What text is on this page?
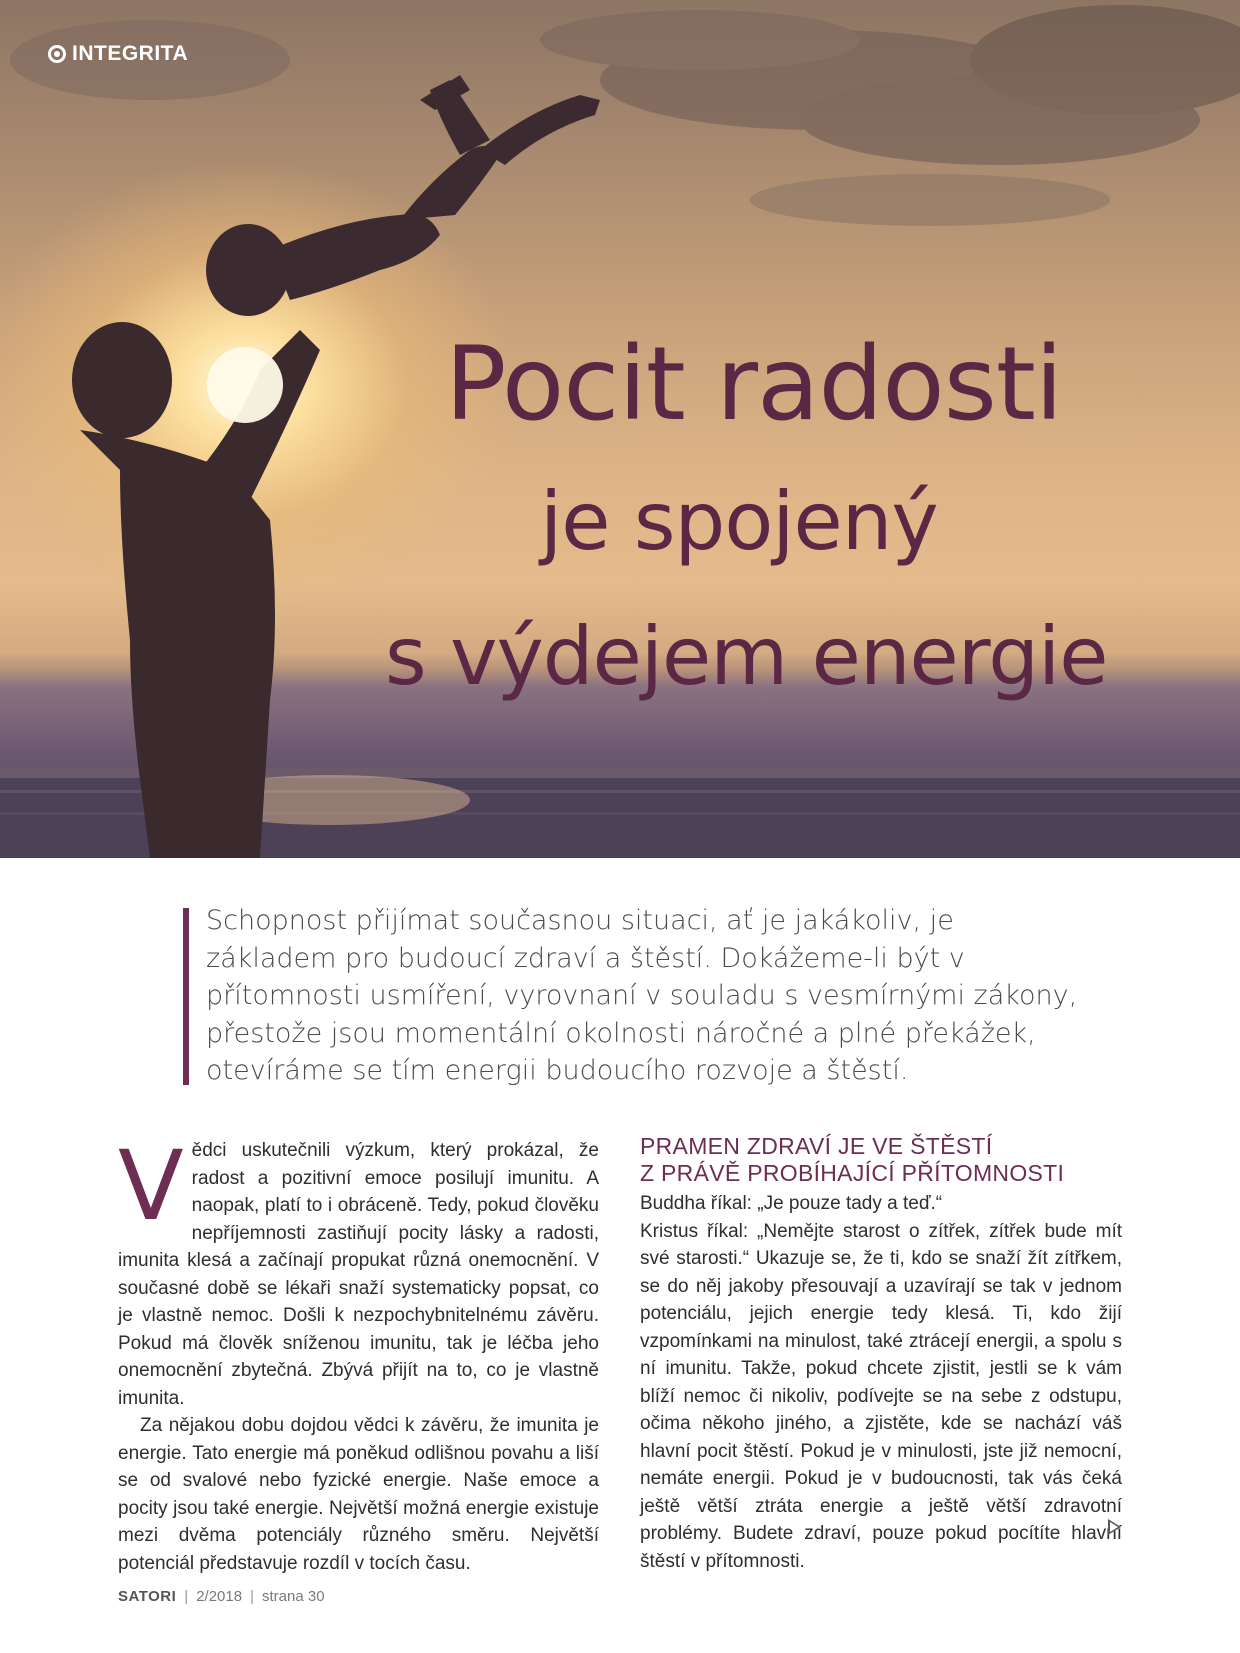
INTEGRITA
Pocit radosti
je spojený
s výdejem energie

Schopnost přijímat současnou situaci, ať je jakákoliv, je základem pro budoucí zdraví a štěstí. Dokážeme-li být v přítomnosti usmíření, vyrovnaní v souladu s vesmírnými zákony, přestože jsou momentální okolnosti náročné a plné překážek, otevíráme se tím energii budoucího rozvoje a štěstí.

V ědci uskutečnili výzkum, který prokázal, že radost a pozitivní emoce posilují imunitu. A naopak, platí to i obráceně. Tedy, pokud člověku nepříjemnosti zastiňují pocity lásky a radosti, imunita klesá a začínají propukat různá onemocnění. V současné době se lékaři snaží systematicky popsat, co je vlastně nemoc. Došli k nezpochybnitelnému závěru. Pokud má člověk sníženou imunitu, tak je léčba jeho onemocnění zbytečná. Zbývá přijít na to, co je vlastně imunita.

Za nějakou dobu dojdou vědci k závěru, že imunita je energie. Tato energie má poněkud odlišnou povahu a liší se od svalové nebo fyzické energie. Naše emoce a pocity jsou také energie. Největší možná energie existuje mezi dvěma potenciály různého směru. Největší potenciál představuje rozdíl v tocích času.

PRAMEN ZDRAVÍ JE VE ŠTĚSTÍ
Z PRÁVĚ PROBÍHAJÍCÍ PŘÍTOMNOSTI

Buddha říkal: „Je pouze tady a teď.“

Kristus říkal: „Nemějte starost o zítřek, zítřek bude mít své starosti.“ Ukazuje se, že ti, kdo se snaží žít zítřkem, se do něj jakoby přesouvají a uzavírají se tak v jednom potenciálu, jejich energie tedy klesá. Ti, kdo žijí vzpomínkami na minulost, také ztrácejí energii, a spolu s ní imunitu. Takže, pokud chcete zjistit, jestli se k vám blíží nemoc či nikoliv, podívejte se na sebe z odstupu, očima někoho jiného, a zjistěte, kde se nachází váš hlavní pocit štěstí. Pokud je v minulosti, jste již nemocní, nemáte energii. Pokud je v budoucnosti, tak vás čeká ještě větší ztráta energie a ještě větší zdravotní problémy. Budete zdraví, pouze pokud pocítíte hlavní štěstí v přítomnosti.

SATORI | 2/2018 | strana 30
